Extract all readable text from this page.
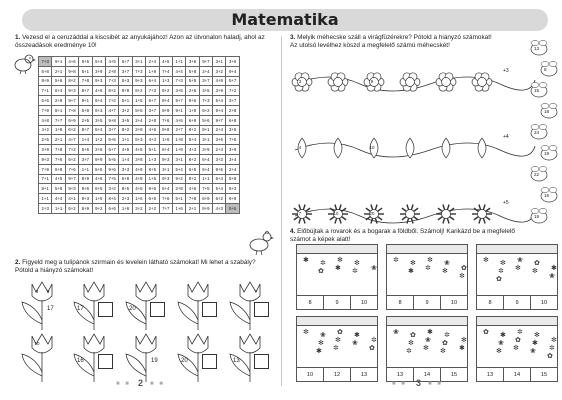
Matematika
1. Vezesd el a ceruzáddal a kiscsibét az anyukájához! Azon az útvonalon haladj, ahol az összeadások eredménye 10!
7+3	9+1	4+6	9+5	5+4	4+5	6+7	3+1	2+4	4+6	1+1	3+6	9+7	3+1	3+6
6+8	2+1	9+8	5+1	3+9	2+8	3+7	7+3	1+9	7+4	4+4	5+8	2+4	3+2	9+4
8+9	5+6	8+2	7+8	9+3	7+3	5+3	9+3	6+4	1+3	7+3	5+5	3+7	4+9	5+7
7+1	6+4	9+3	8+7	4+6	8+2	9+9	8+2	7+3	8+2	3+5	2+6	3+5	3+9	7+2
5+6	2+8	9+7	9+1	6+4	7+2	5+1	1+5	5+7	8+4	9+7	9+6	7+3	5+4	3+7
7+9	8+1	7+8	5+9	6+3	4+7	3+2	5+5	3+7	9+9	9+1	1+9	6+2	9+4	2+8
4+8	7+7	6+9	2+5	3+5	9+8	3+5	2+4	2+8	7+6	4+5	6+9	5+6	9+7	6+8
4+2	1+8	6+2	8+7	5+4	3+7	8+2	2+8	4+6	9+8	2+7	8+2	8+1	2+4	3+5
2+5	2+1	4+7	1+4	1+2	5+5	1+1	5+3	4+3	1+6	1+8	5+4	3+1	3+6	7+5
3+9	7+8	7+2	5+6	2+6	6+7	4+6	4+5	5+1	6+4	1+9	4+3	3+9	2+4	3+9
9+3	7+6	6+2	3+7	9+9	5+5	1+4	3+8	1+3	9+3	3+1	8+2	6+4	3+3	3+4
7+9	6+8	7+6	1+1	5+5	9+6	3+3	4+9	8+5	3+1	5+4	5+5	6+4	9+5	2+4
7+1	4+5	9+7	8+9	4+6	7+5	6+8	4+9	1+5	9+3	9+2	8+2	1+1	6+4	5+8
8+1	5+8	9+3	9+6	6+5	3+2	8+5	4+5	9+5	6+4	2+8	4+6	7+5	5+4	8+3
1+1	4+4	4+1	9+3	1+5	8+4	2+3	1+6	6+6	7+6	5+1	7+8	6+9	6+2	9+9
2+3	1+1	6+2	8+9	9+2	6+6	1+6	3+2	2+2	7+7	1+6	2+1	8+9	4+3	5+5
2. Figyeld meg a tulipánok szirmain és levelein látható számokat! Mi lehet a szabály? Pótold a hiányzó számokat!
8	9
17	17	20
7
10
16	19	20	13
■ ■ 2 ■ ■
3. Melyik méhecske száll a virágfüzérekre? Pótold a hiányzó számokat!
Az utolsó levélhez köszd a megfelelő számú méhecskét!
3	9
+3
4	10
+4
7	10	20
+5
13
8
15
18
24
19
22
16
19
4. Előbújtak a rovarok és a bogarak a földből. Számolj! Karikázd be a megfelelő számot a képek alatt!
✱ ✲ ✻ ✼
❀
✿ ✱ ✲
8	9	10
✲ ✻ ✼ ❀
✿
✱ ✲ ✻
✼
8	9	10
✻ ✼ ❀ ✿
✱
✲ ✻ ✼
❀
✿
8	9	10
✼ ❀ ✿ ✱
✲
✻ ✼ ❀
✿
✱ ✲
10	12	13
❀ ✿ ✱ ✲
✻
✼ ❀ ✿
✱
✲ ✻ ✼
13	14	15
✿ ✱ ✲ ✻
✼
❀ ✿ ✱
✲
✻ ✼ ❀
✿
13	14	15
■ ■ 3 ■ ■
